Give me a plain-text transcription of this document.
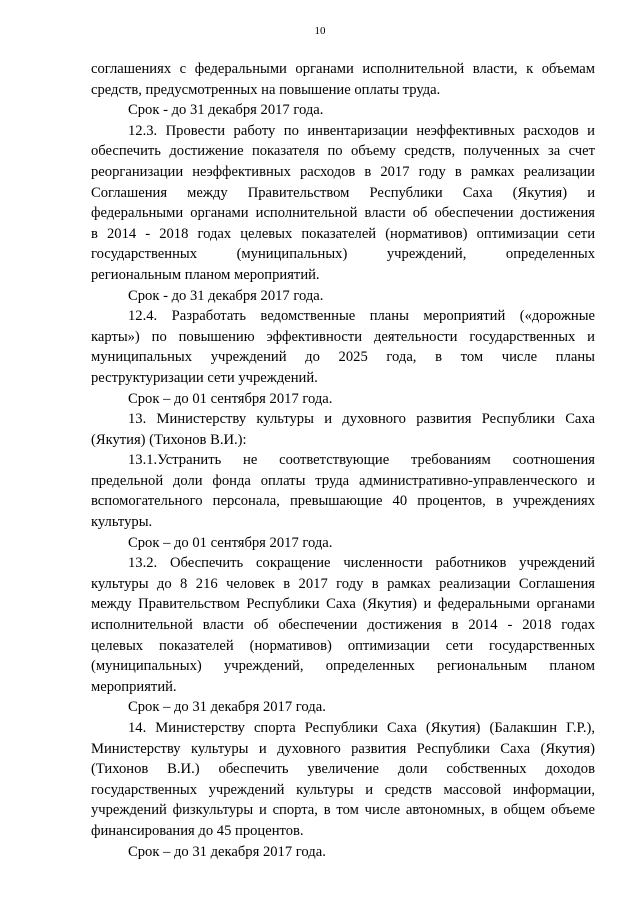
10
соглашениях с федеральными органами исполнительной власти, к объемам
средств, предусмотренных на повышение оплаты труда.
Срок - до 31 декабря 2017 года.
12.3. Провести работу по инвентаризации неэффективных расходов и
обеспечить достижение показателя по объему средств, полученных за счет
реорганизации неэффективных расходов в 2017 году в рамках реализации
Соглашения между Правительством Республики Саха (Якутия) и
федеральными органами исполнительной власти об обеспечении достижения
в 2014 - 2018 годах целевых показателей (нормативов) оптимизации сети
государственных (муниципальных) учреждений, определенных
региональным планом мероприятий.
Срок - до 31 декабря 2017 года.
12.4. Разработать ведомственные планы мероприятий («дорожные
карты») по повышению эффективности деятельности государственных и
муниципальных учреждений до 2025 года, в том числе планы
реструктуризации сети учреждений.
Срок – до 01 сентября 2017 года.
13. Министерству культуры и духовного развития Республики Саха
(Якутия) (Тихонов В.И.):
13.1.Устранить не соответствующие требованиям соотношения
предельной доли фонда оплаты труда административно-управленческого и
вспомогательного персонала, превышающие 40 процентов, в учреждениях
культуры.
Срок – до 01 сентября 2017 года.
13.2. Обеспечить сокращение численности работников учреждений
культуры до 8 216 человек в 2017 году в рамках реализации Соглашения
между Правительством Республики Саха (Якутия) и федеральными органами
исполнительной власти об обеспечении достижения в 2014 - 2018 годах
целевых показателей (нормативов) оптимизации сети государственных
(муниципальных) учреждений, определенных региональным планом
мероприятий.
Срок – до 31 декабря 2017 года.
14. Министерству спорта Республики Саха (Якутия) (Балакшин Г.Р.),
Министерству культуры и духовного развития Республики Саха (Якутия)
(Тихонов В.И.) обеспечить увеличение доли собственных доходов
государственных учреждений культуры и средств массовой информации,
учреждений физкультуры и спорта, в том числе автономных, в общем объеме
финансирования до 45 процентов.
Срок – до 31 декабря 2017 года.
